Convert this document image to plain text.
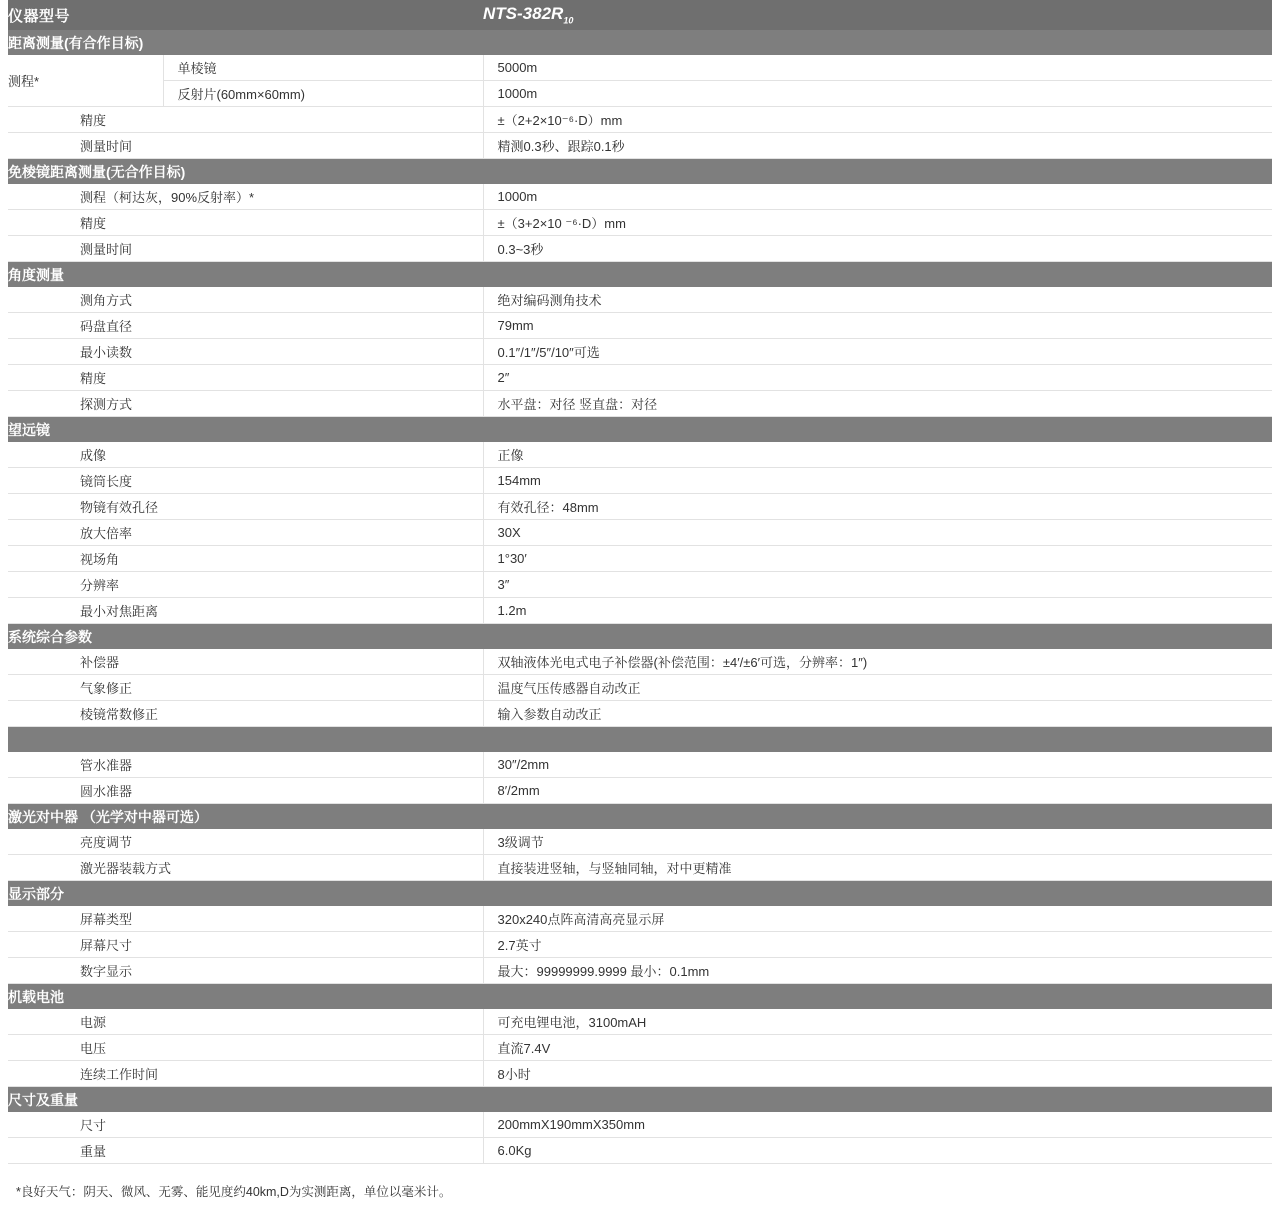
仪器型号		NTS-$382R_{10}$
距离测量(有合作目标)		
测程*	单棱镜	5000m
	反射片(60mm×60mm)	1000m
精度		±（2+2×10⁻⁶·D）mm
测量时间		精测0.3秒、跟踪0.1秒
免棱镜距离测量(无合作目标)		
测程（柯达灰，90%反射率）*		1000m
精度		±（3+2×10 ⁻⁶·D）mm
测量时间		0.3~3秒
角度测量		
测角方式		绝对编码测角技术
码盘直径		79mm
最小读数		0.1″/1″/5″/10″可选
精度		2″
探测方式		水平盘：对径 竖直盘：对径
望远镜		
成像		正像
镜筒长度		154mm
物镜有效孔径		有效孔径：48mm
放大倍率		30X
视场角		1°30′
分辨率		3″
最小对焦距离		1.2m
系统综合参数		
补偿器		双轴液体光电式电子补偿器(补偿范围：±4′/±6′可选，分辨率：1″)
气象修正		温度气压传感器自动改正
棱镜常数修正		输入参数自动改正

管水准器		30″/2mm
圆水准器		8′/2mm
激光对中器 （光学对中器可选）		
亮度调节		3级调节
激光器装载方式		直接装进竖轴，与竖轴同轴，对中更精准
显示部分		
屏幕类型		320x240点阵高清高亮显示屏
屏幕尺寸		2.7英寸
数字显示		最大：99999999.9999 最小：0.1mm
机载电池		
电源		可充电锂电池，3100mAH
电压		直流7.4V
连续工作时间		8小时
尺寸及重量		
尺寸		200mmX190mmX350mm
重量		6.0Kg
*良好天气：阴天、微风、无雾、能见度约40km,D为实测距离，单位以毫米计。
